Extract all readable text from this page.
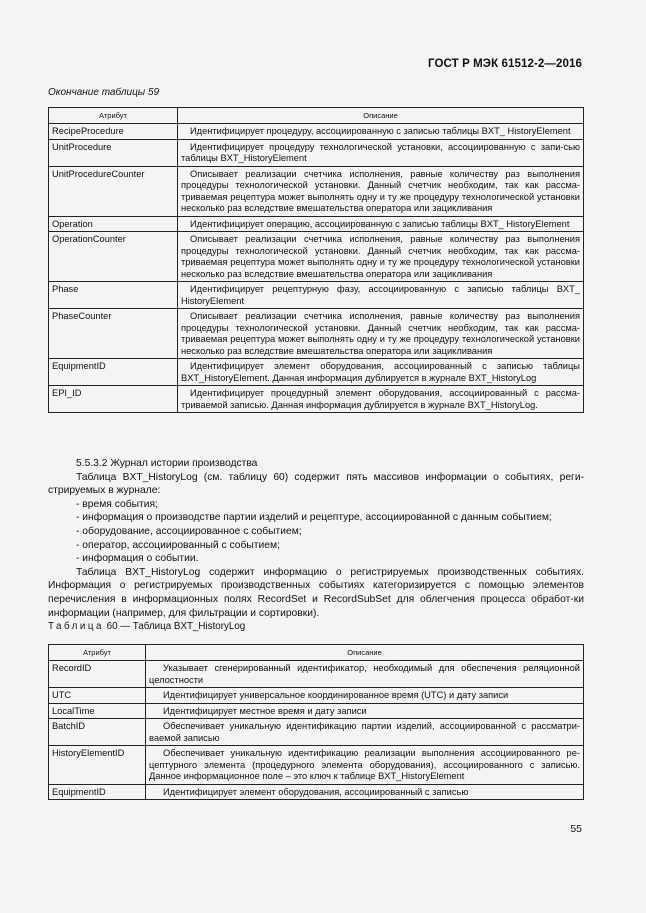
ГОСТ Р МЭК 61512-2—2016
Окончание таблицы 59
Атрибут	Описание
RecipeProcedure	Идентифицирует процедуру, ассоциированную с записью таблицы BXT_ HistoryElement
UnitProcedure	Идентифицирует процедуру технологической установки, ассоциированную с запи-сью таблицы BXT_HistoryElement
UnitProcedureCounter	Описывает реализации счетчика исполнения, равные количеству раз выполнения процедуры технологической установки. Данный счетчик необходим, так как рассма-триваемая рецептура может выполнять одну и ту же процедуру технологической установки несколько раз вследствие вмешательства оператора или зацикливания
Operation	Идентифицирует операцию, ассоциированную с записью таблицы BXT_ HistoryElement
OperationCounter	Описывает реализации счетчика исполнения, равные количеству раз выполнения процедуры технологической установки. Данный счетчик необходим, так как рассма-триваемая рецептура может выполнять одну и ту же процедуру технологической установки несколько раз вследствие вмешательства оператора или зацикливания
Phase	Идентифицирует рецептурную фазу, ассоциированную с записью таблицы BXT_ HistoryElement
PhaseCounter	Описывает реализации счетчика исполнения, равные количеству раз выполнения процедуры технологической установки. Данный счетчик необходим, так как рассма-триваемая рецептура может выполнять одну и ту же процедуру технологической установки несколько раз вследствие вмешательства оператора или зацикливания
EquipmentID	Идентифицирует элемент оборудования, ассоциированный с записью таблицы BXT_HistoryElement. Данная информация дублируется в журнале BXT_HistoryLog
EPI_ID	Идентифицирует процедурный элемент оборудования, ассоциированный с рассма-триваемой записью. Данная информация дублируется в журнале BXT_HistoryLog.

5.5.3.2 Журнал истории производства

Таблица BXT_HistoryLog (см. таблицу 60) содержит пять массивов информации о событиях, реги-стрируемых в журнале:

- время события;

- информация о производстве партии изделий и рецептуре, ассоциированной с данным событием;

- оборудование, ассоциированное с событием;

- оператор, ассоциированный с событием;

- информация о событии.

Таблица BXT_HistoryLog содержит информацию о регистрируемых производственных событиях. Информация о регистрируемых производственных событиях категоризируется с помощью элементов перечисления в информационных полях RecordSet и RecordSubSet для облегчения процесса обработ-ки информации (например, для фильтрации и сортировки).

Таблица 60 — Таблица BXT_HistoryLog
Атрибут	Описание
RecordID	Указывает сгенерированный идентификатор, необходимый для обеспечения реляционной целостности
UTC	Идентифицирует универсальное координированное время (UTC) и дату записи
LocalTime	Идентифицирует местное время и дату записи
BatchID	Обеспечивает уникальную идентификацию партии изделий, ассоциированной с рассматри-ваемой записью
HistoryElementID	Обеспечивает уникальную идентификацию реализации выполнения ассоциированного ре-цептурного элемента (процедурного элемента оборудования), ассоциированного с записью. Данное информационное поле – это ключ к таблице BXT_HistoryElement
EquipmentID	Идентифицирует элемент оборудования, ассоциированный с записью
55
